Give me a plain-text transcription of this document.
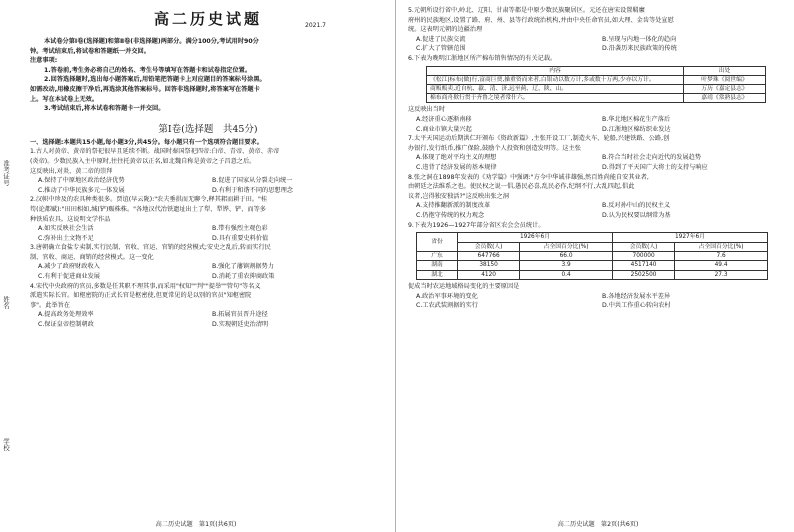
准考证号
姓名
学校

高二历史试题	2021.7

本试卷分第Ⅰ卷(选择题)和第Ⅱ卷(非选择题)两部分。满分100分,考试用时90分

钟。考试结束后,将试卷和答题纸一并交回。

注意事项:

1.答卷前,考生务必将自己的姓名、考生号等填写在答题卡和试卷指定位置。

2.回答选择题时,选出每小题答案后,用铅笔把答题卡上对应题目的答案标号涂黑。

如需改动,用橡皮擦干净后,再选涂其他答案标号。回答非选择题时,将答案写在答题卡

上。写在本试卷上无效。

3.考试结束后,将本试卷和答题卡一并交回。

第Ⅰ卷(选择题　共45分)

一、选择题:本题共15小题,每小题3分,共45分。每小题只有一个选项符合题目要求。

1.古人对黄帝、黄帝的祭祀很早且延续不断。战国时秦国祭祀四帝:白帝、青帝、黄帝、赤帝

(炎帝)。少数民族入主中原时,往往托黄帝以正名,如北魏自称是黄帝之子昌意之后。

这反映出,对炎、黄二帝的崇拜

A.保持了中原地区政治经济优势	B.促进了国家从分裂走向统一
C.推动了中华民族多元一体发展	D.有利于和谐不同的思想理念

2.汉帜中珍及的农具种类很多。贾谊(早云陇):"农夫垂拱而无聊令,释其耜而耕于田。"桂

笱(论都赋):"田田相如,缄(铲)赈株株。"各地汉代冶铁遗址出土了犁、犁铧、铲、而等多

种铁质农具。这说明文学作品

A.如实反映社会生活	B.带有强烈主观色彩
C.弥补出土文物不足	D.具有重要史料价值

3.唐朝确立食盐专卖制,实行民制、官收、官运、官销的经营模式;安史之乱后,转而实行民

制、官收、商运、商销的经营模式。这一变化

A.减少了政府财政收入	B.强化了藩镇割据势力
C.有利于促进商业发展	D.消耗了重农抑商政策

4.宋代中央政府的官员,多数是任其职不理其事,而采用"权知""判""提举""管句"等名义

派遣实际长官。如枢密院的正式长官是枢密使,但更常见的是以别的官员"知枢密院

事"。此举旨在

A.提高政务处理效率	B.拓展官员晋升途径
C.保证皇帝控制朝政	D.实现朝廷吏治清明
高二历史试题　第1页(共6页)

5.元朝所设行省中,岭北、辽阳、甘肃等都是中原少数民族聚居区。元还在唐宋设置羁縻

府州的民族地区,设置了路、府、州、县等行政统治机构,并由中央任命官员,如大理、金齿等处宣慰

统。这表明元朝的边疆治理

A.促进了民族交流	B.呈现与内地一体化的趋向
C.扩大了管辖范围	D.沿袭历来民族政策的传统

6.下表为晚明江浙地区所产棉布销售情况的有关记载。

内容	出处
《松江)标布(做)行,富商巨贾,操重资而来者,白银动以数万计,多或数十万两,少亦以万计。	叶梦珠《阅世编》
商贩贩卖,近自杭、歙、清、济,远至蓟、辽、陕、山。	万历《嘉定县志》
棉布商舟揿行贯于齐鲁之境者常什六。	嘉靖《常熟县志》

这反映出当时

A.经济重心逐渐南移	B.华北地区棉花生产落后
C.商业市镇大量兴起	D.江浙地区棉纺织业发达

7.太平天国运动后期洪仁玕颁布《资政新篇》,主张开设工厂,制造火车、轮船,兴建铁路、公路,创

办银行,发行纸币,推广保险,鼓励个人投资和创造发明等。这主张

A.体现了绝对平均主义的理想	B.符合当时社会走向近代的发展趋势
C.违背了经济发展的基本规律	D.得到了平天国广大将士的支持与响应

8.张之洞在1898年发表的《劝学篇》中强调:"方今中华诚非雄强,然百姓尚能自安其业者,

由朝廷之法维系之也。使民权之说一倡,愚民必喜,乱民必作,纪纲不行,大乱四起,倡此

议者,岂得独安独活?"这反映出张之洞

A.支持推翻新派的制度改革	B.反对孙中山的民权主义
C.仍抱守传统的权力观念	D.认为民权要以纲常为基

9.下表为1926—1927年部分省区农会会员统计。

省份	1926年6月		1927年6月	
	会员数(人)	占全国百分比(%)	会员数(人)	占全国百分比(%)
广东	647766	66.0	700000	7.6
湖南	38150	3.9	4517140	49.4
湖北	4120	0.4	2502500	27.3

促成当时农运地域格局变化的主要原因是

A.政治军事环境的变化	B.各地经济发展水平差异
C.工农武装割据的实行	D.中共工作重心转向农村
高二历史试题　第2页(共6页)
